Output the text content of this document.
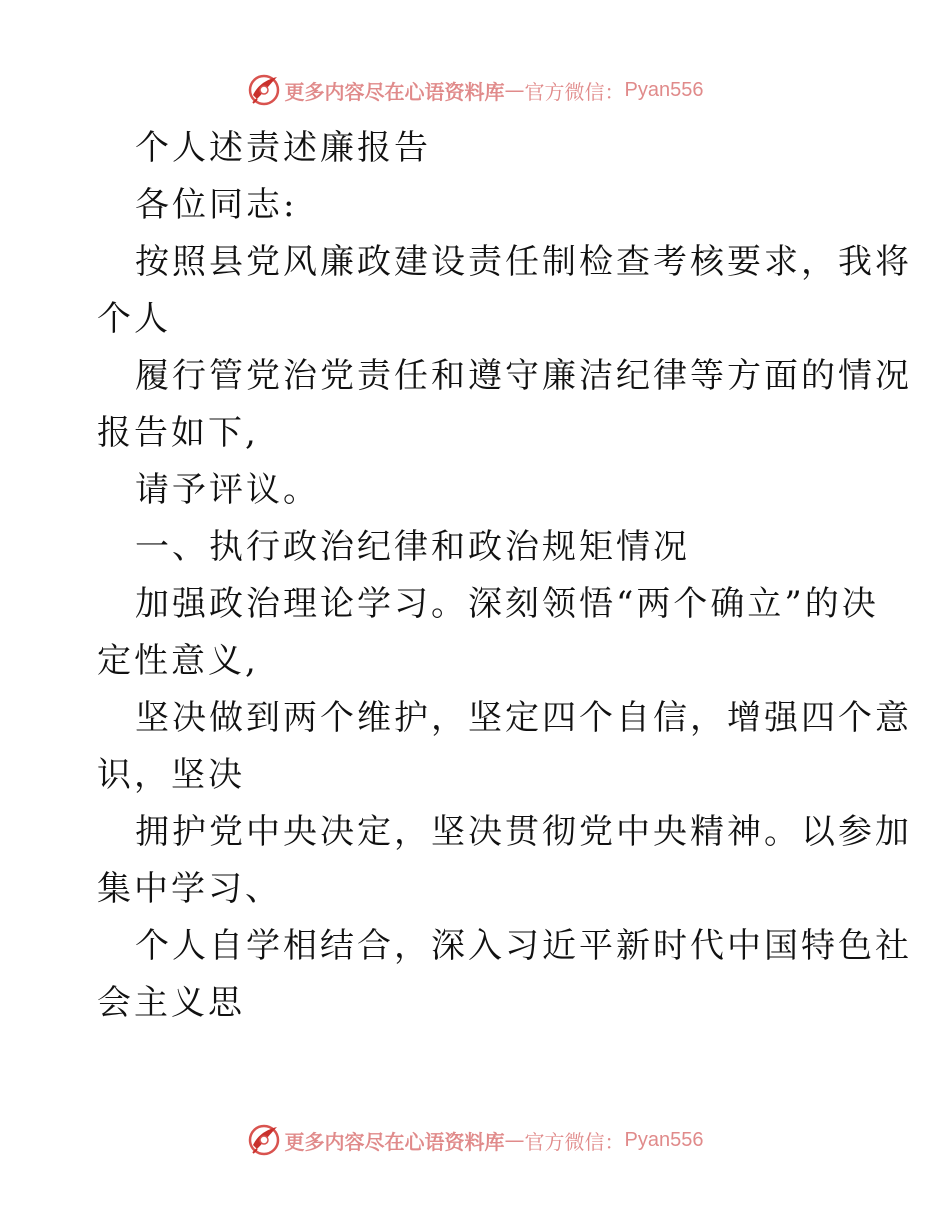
更多内容尽在心语资料库 — 官方微信： Pyan556
个人述责述廉报告
各位同志:
按照县党风廉政建设责任制检查考核要求，我将
个人
履行管党治党责任和遵守廉洁纪律等方面的情况
报告如下,
请予评议。
一、执行政治纪律和政治规矩情况
加强政治理论学习。深刻领悟“两个确立”的决
定性意义,
坚决做到两个维护，坚定四个自信，增强四个意
识，坚决
拥护党中央决定，坚决贯彻党中央精神。以参加
集中学习、
个人自学相结合，深入习近平新时代中国特色社
会主义思
更多内容尽在心语资料库 — 官方微信： Pyan556
